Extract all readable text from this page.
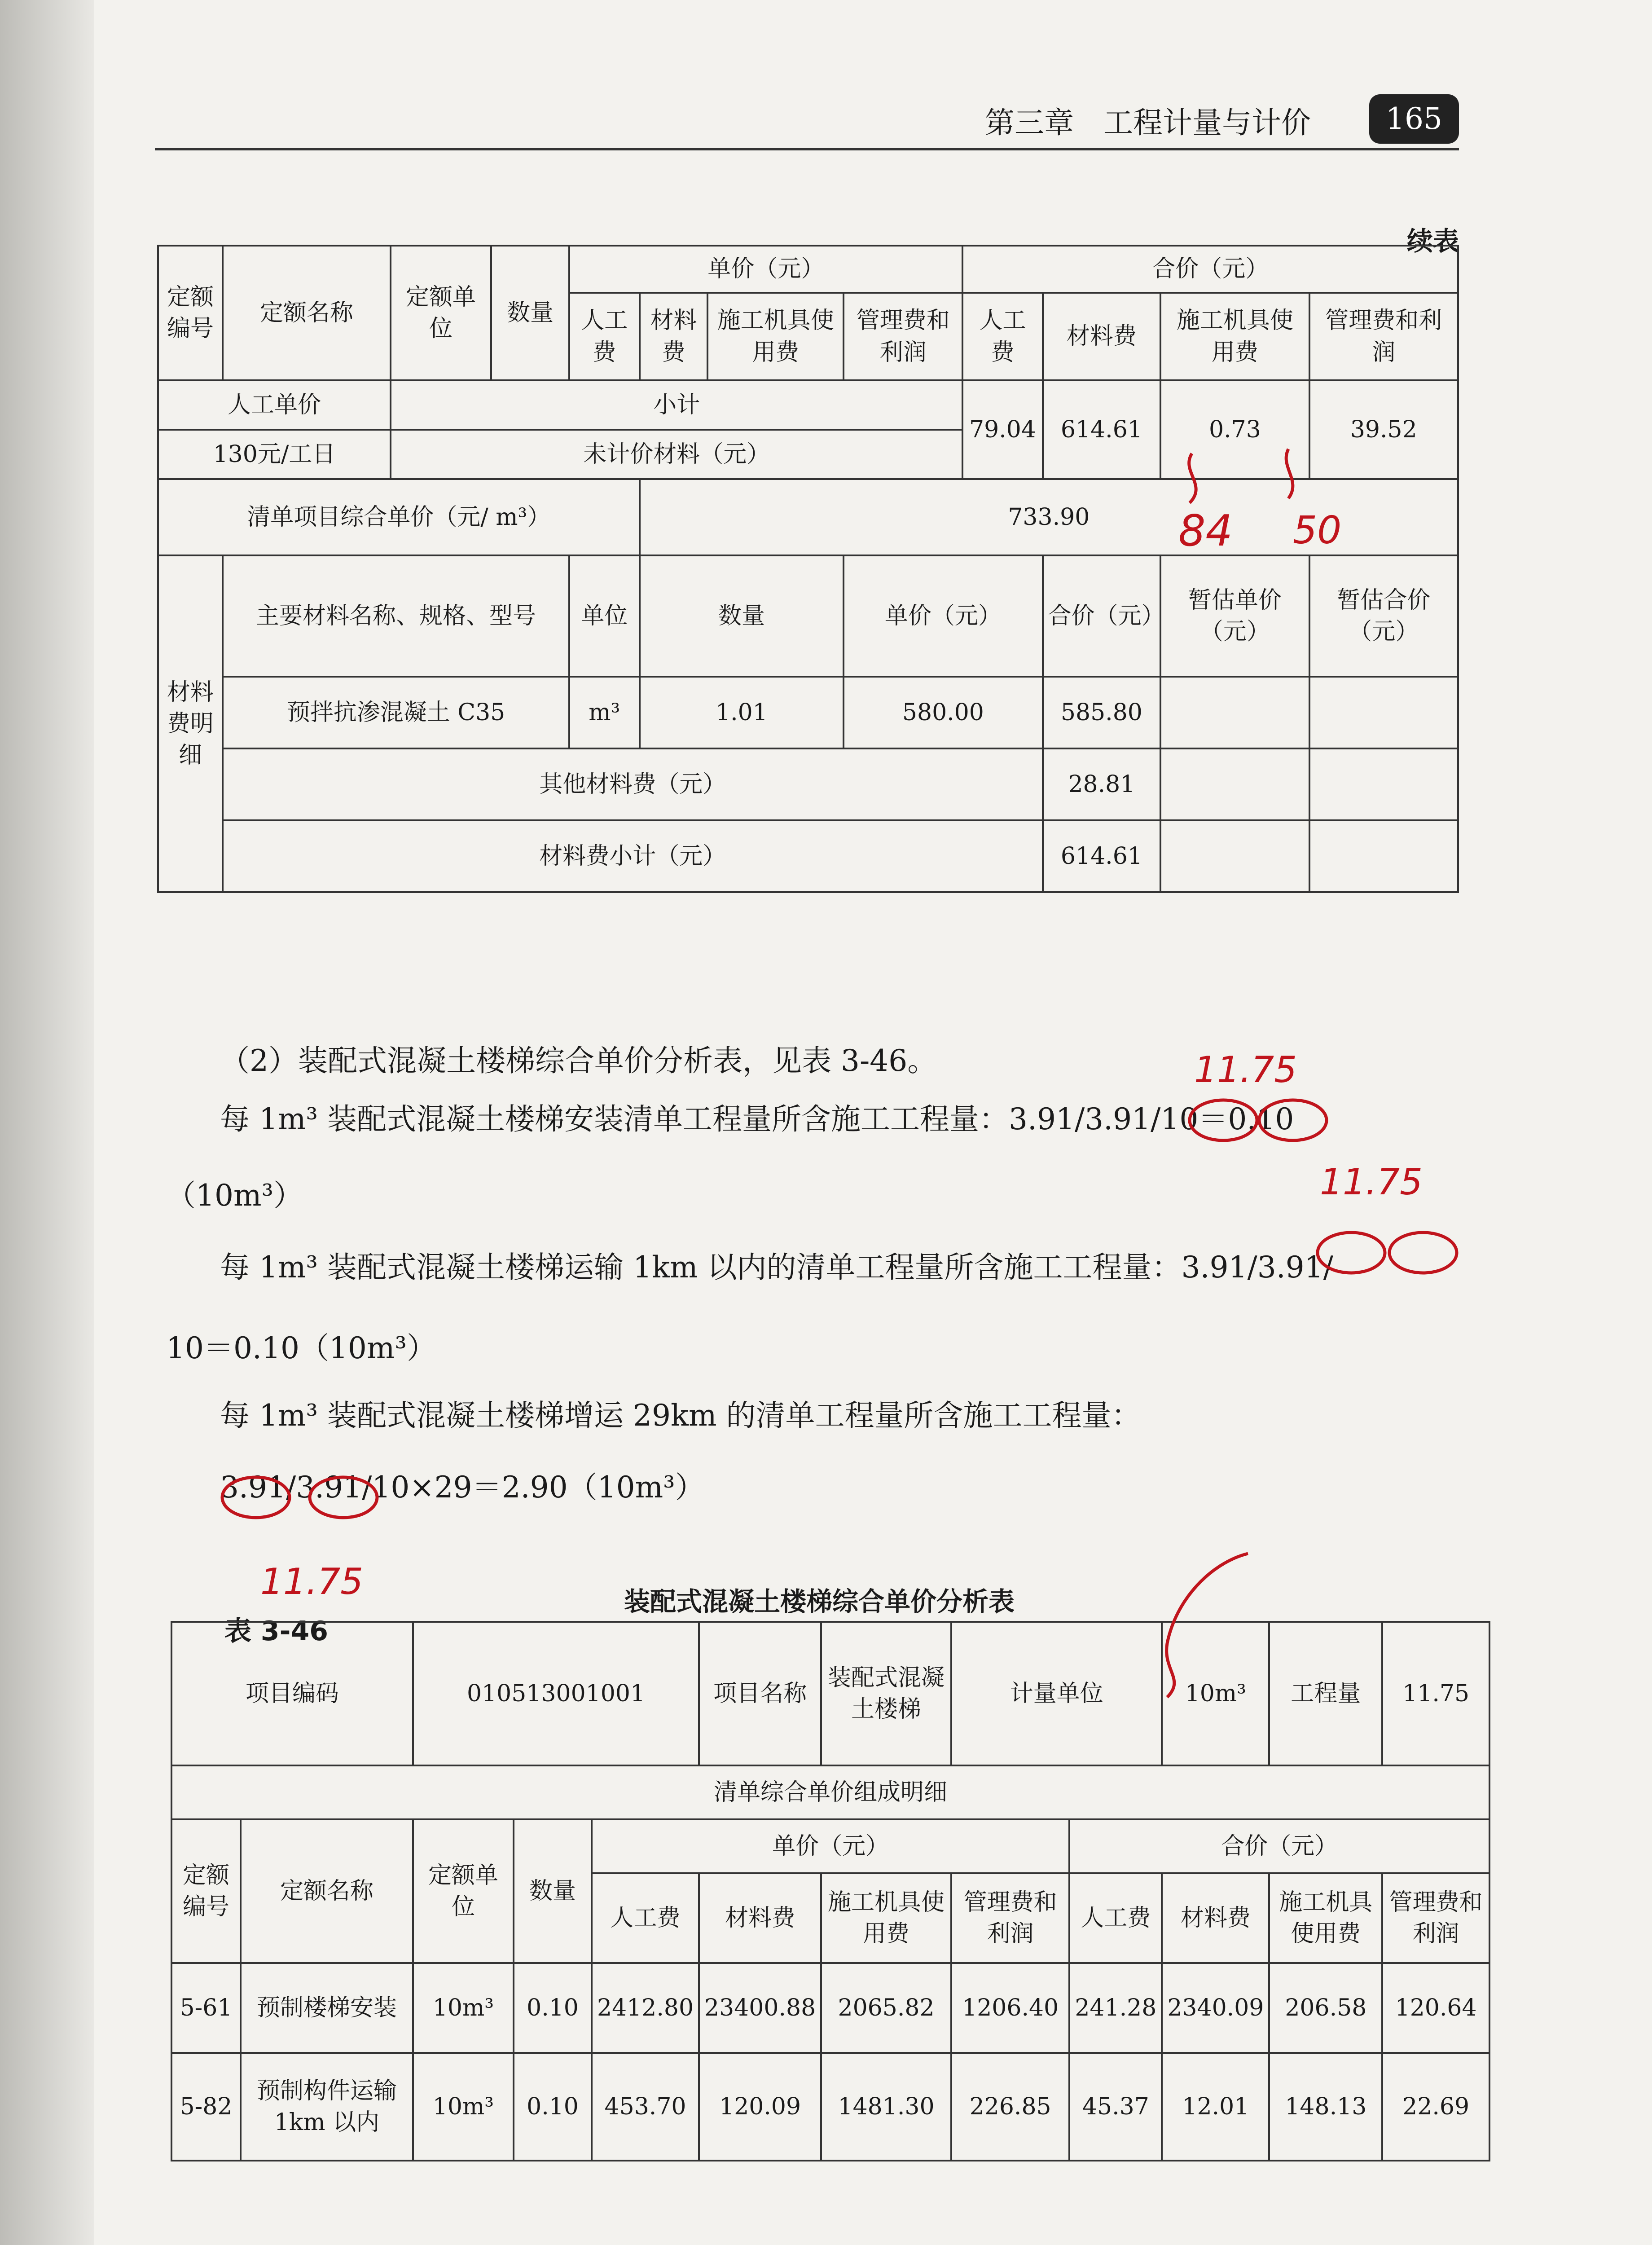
第三章　工程计量与计价	165
续表
定额编号	定额名称	定额单位	数量	单价（元）				合价（元）			
				人工费	材料费	施工机具使用费	管理费和利润	人工费	材料费	施工机具使用费	管理费和利润
人工单价		小计						79.04	614.61	0.73	39.52
130元/工日		未计价材料（元）									
清单项目综合单价（元/ m³）					733.90						
材料费明细	主要材料名称、规格、型号			单位	数量		单价（元）		合价（元）	暂估单价（元）	暂估合价（元）
	预拌抗渗混凝土 C35			m³	1.01		580.00		585.80		
	其他材料费（元）								28.81		
	材料费小计（元）								614.61		
（2）装配式混凝土楼梯综合单价分析表，见表 3-46。
每 1m³ 装配式混凝土楼梯安装清单工程量所含施工工程量：3.91/3.91/10＝0.10
（10m³）
每 1m³ 装配式混凝土楼梯运输 1km 以内的清单工程量所含施工工程量：3.91/3.91/
10＝0.10（10m³）
每 1m³ 装配式混凝土楼梯增运 29km 的清单工程量所含施工工程量：
3.91/3.91/10×29＝2.90（10m³）
表 3-46
装配式混凝土楼梯综合单价分析表
项目编码		010513001001			项目名称	装配式混凝土楼梯	计量单位		10m³	工程量	11.75
清单综合单价组成明细											
定额编号	定额名称	定额单位	数量	单价（元）				合价（元）			
				人工费	材料费	施工机具使用费	管理费和利润	人工费	材料费	施工机具使用费	管理费和利润
5-61	预制楼梯安装	10m³	0.10	2412.80	23400.88	2065.82	1206.40	241.28	2340.09	206.58	120.64
5-82	预制构件运输 1km 以内	10m³	0.10	453.70	120.09	1481.30	226.85	45.37	12.01	148.13	22.69
84 50
11.75
11.75
11.75
